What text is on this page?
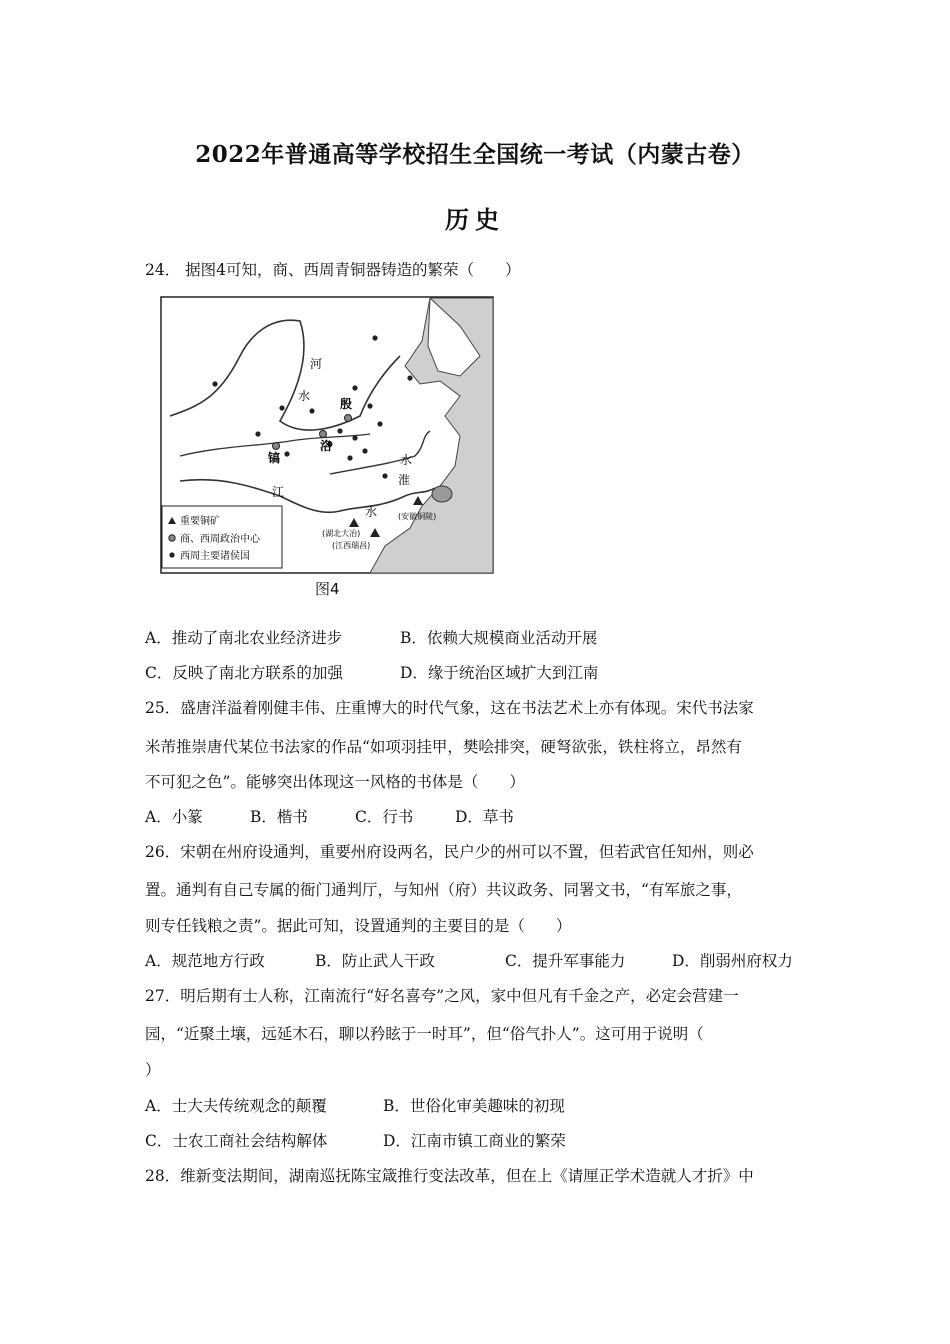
2022年普通高等学校招生全国统一考试（内蒙古卷）
历史
24． 据图4可知，商、西周青铜器铸造的繁荣（　　）
河
水
殷
洛
镐
江
水
淮
水	(安徽铜陵)
(湖北大冶)
(江西瑞昌)
重要铜矿
商、西周政治中心
西周主要诸侯国
图4
A．推动了南北农业经济进步	B．依赖大规模商业活动开展
C．反映了南北方联系的加强	D．缘于统治区域扩大到江南
25．盛唐洋溢着刚健丰伟、庄重博大的时代气象，这在书法艺术上亦有体现。宋代书法家
米芾推崇唐代某位书法家的作品“如项羽挂甲，樊哙排突，硬弩欲张，铁柱将立，昂然有
不可犯之色”。能够突出体现这一风格的书体是（　　）
A．小篆	B．楷书	C．行书	D．草书
26．宋朝在州府设通判，重要州府设两名，民户少的州可以不置，但若武官任知州，则必
置。通判有自己专属的衙门通判厅，与知州（府）共议政务、同署文书，“有军旅之事，
则专任钱粮之责”。据此可知，设置通判的主要目的是（　　）
A．规范地方行政	B．防止武人干政	C．提升军事能力	D．削弱州府权力
27．明后期有士人称，江南流行“好名喜夸”之风，家中但凡有千金之产，必定会营建一
园，“近聚土壤，远延木石，聊以矜眩于一时耳”，但“俗气扑人”。这可用于说明（
）
A．士大夫传统观念的颠覆	B．世俗化审美趣味的初现
C．士农工商社会结构解体	D．江南市镇工商业的繁荣
28．维新变法期间，湖南巡抚陈宝箴推行变法改革，但在上《请厘正学术造就人才折》中
